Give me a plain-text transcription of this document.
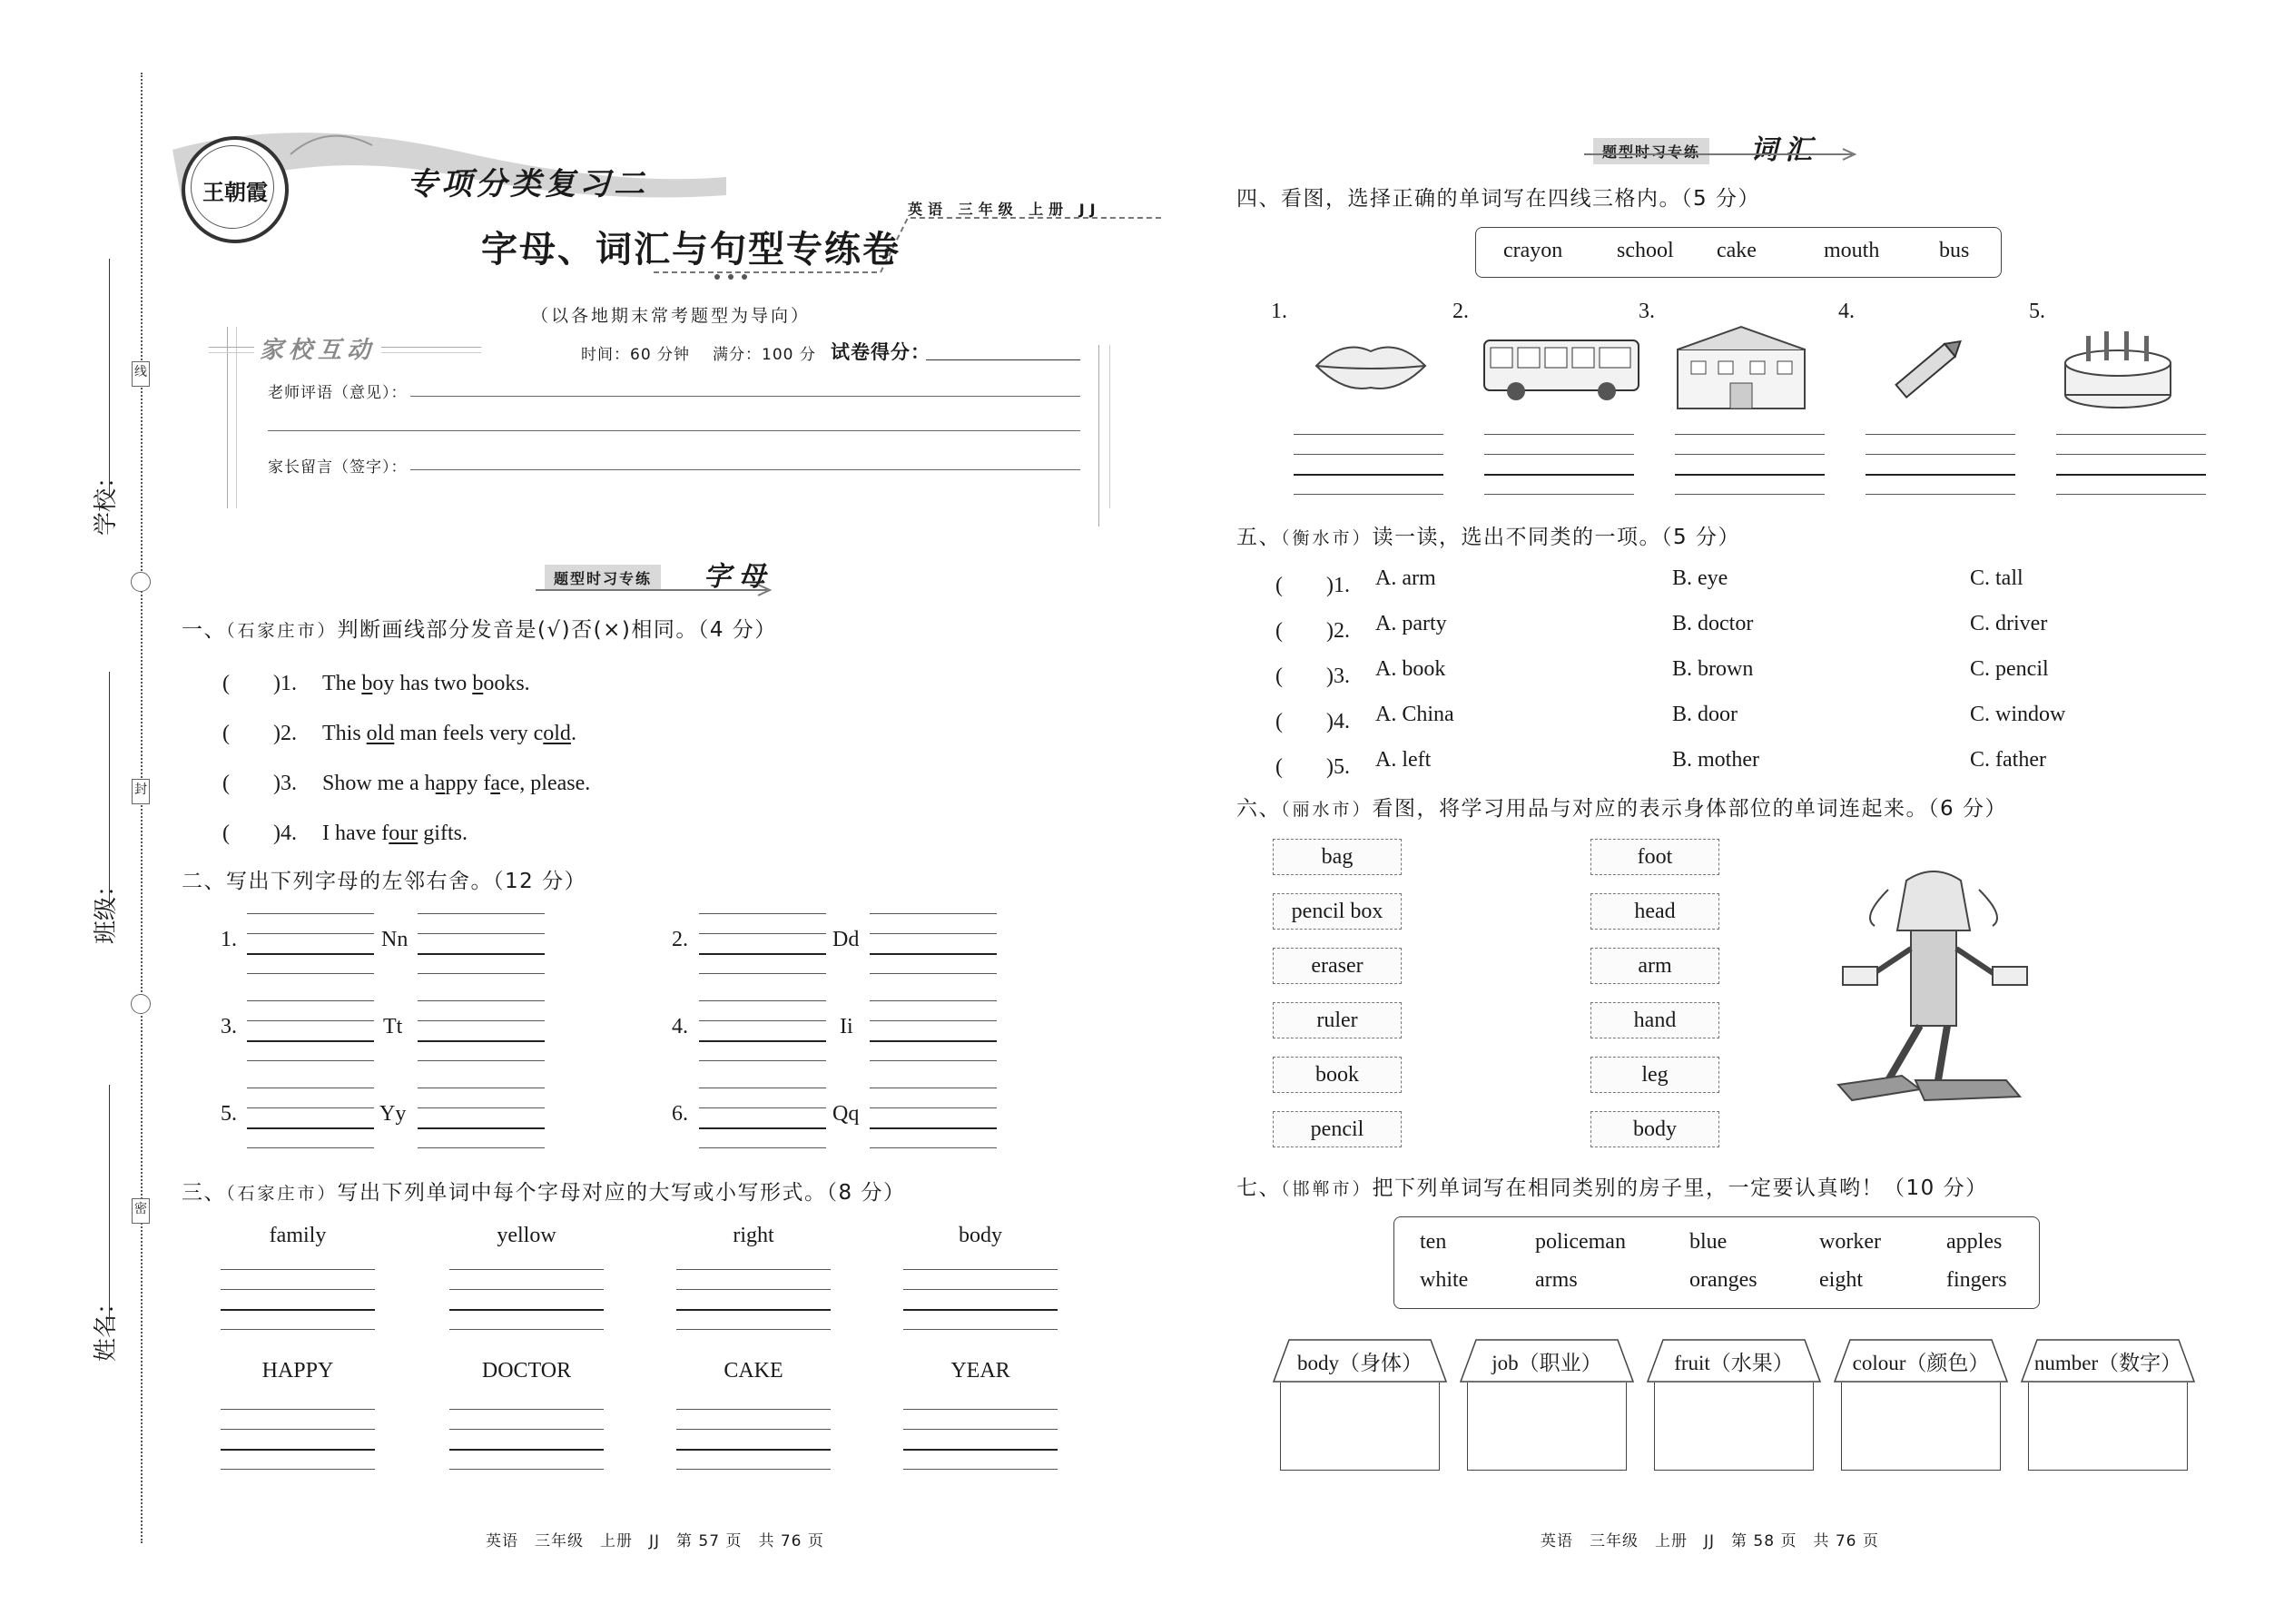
学校：
班级：
姓名：
线
封
密
王朝霞	专项分类复习二
英语 三年级 上册 JJ
字母、词汇与句型专练卷
（以各地期末常考题型为导向）
家校互动	时间：60 分钟 满分：100 分 试卷得分：
老师评语（意见）：
家长留言（签字）：
题型时习专练	字母
一、（石家庄市）判断画线部分发音是(√)否(×)相同。（4 分）
(　　)1. The boy has two books.
(　　)2. This old man feels very cold.
(　　)3. Show me a happy face, please.
(　　)4. I have four gifts.
二、写出下列字母的左邻右舍。（12 分）
1.	Nn	2.	Dd
3.	Tt	4.	Ii
5.	Yy	6.	Qq
三、（石家庄市）写出下列单词中每个字母对应的大写或小写形式。（8 分）
family	yellow	right	body
HAPPY	DOCTOR	CAKE	YEAR
英语　三年级　上册　JJ　第 57 页　共 76 页
题型时习专练	词汇
四、看图，选择正确的单词写在四线三格内。（5 分）
crayon school cake	mouth	bus
1.	2.	3.	4.	5.
五、（衡水市）读一读，选出不同类的一项。（5 分）
(　　)1. A. arm	B. eye	C. tall
(　　)2. A. party	B. doctor	C. driver
(　　)3. A. book	B. brown	C. pencil
(　　)4. A. China	B. door	C. window
(　　)5. A. left	B. mother	C. father
六、（丽水市）看图，将学习用品与对应的表示身体部位的单词连起来。（6 分）
bag
pencil box
eraser
ruler
book
pencil
foot
head
arm
hand
leg
body
七、（邯郸市）把下列单词写在相同类别的房子里，一定要认真哟！（10 分）
ten	policeman	blue	worker	apples
white	arms	oranges	eight	fingers
body（身体）	job（职业）	fruit（水果）	colour（颜色）	number（数字）
英语　三年级　上册　JJ　第 58 页　共 76 页
